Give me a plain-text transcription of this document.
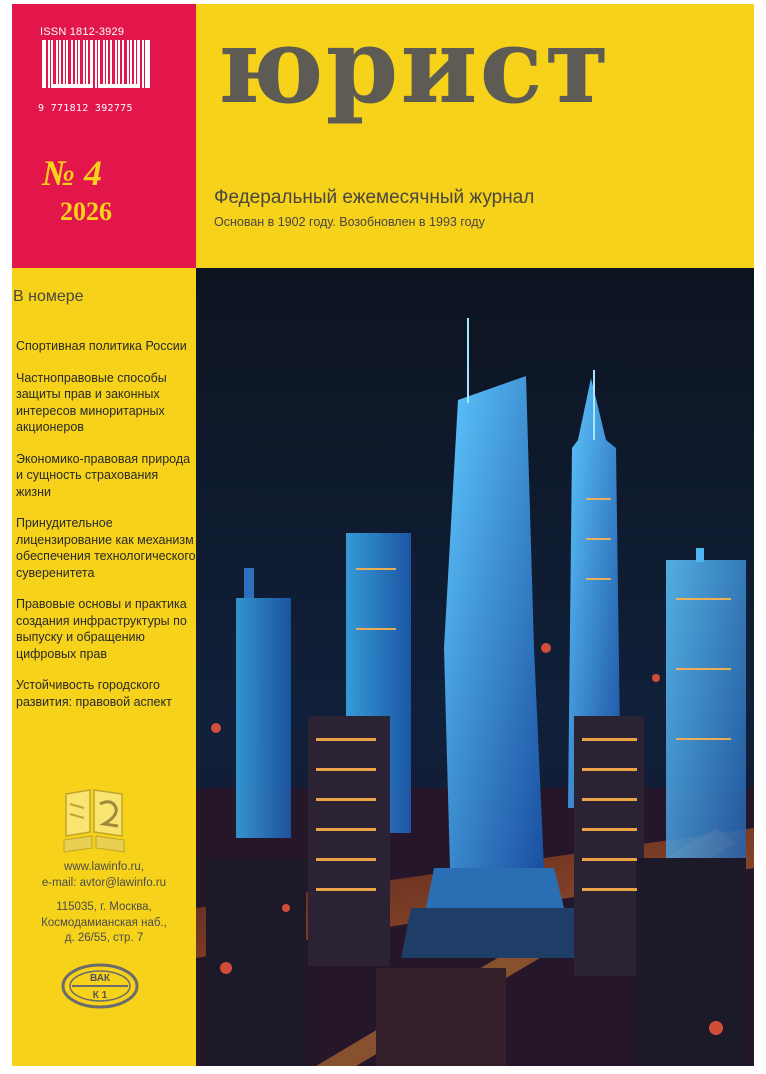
ISSN 1812-3929
9 771812 392775
№ 4
2026
юрист
Федеральный ежемесячный журнал
Основан в 1902 году. Возобновлен в 1993 году
В номере
Спортивная политика России
Частноправовые способы защиты прав и законных интересов миноритарных акционеров
Экономико-правовая природа и сущность страхования жизни
Принудительное лицензирование как механизм обеспечения технологического суверенитета
Правовые основы и практика создания инфраструктуры по выпуску и обращению цифровых прав
Устойчивость городского развития: правовой аспект
www.lawinfo.ru,
e-mail: avtor@lawinfo.ru
115035, г. Москва,
Космодамианская наб.,
д. 26/55, стр. 7
ВАК
К 1
